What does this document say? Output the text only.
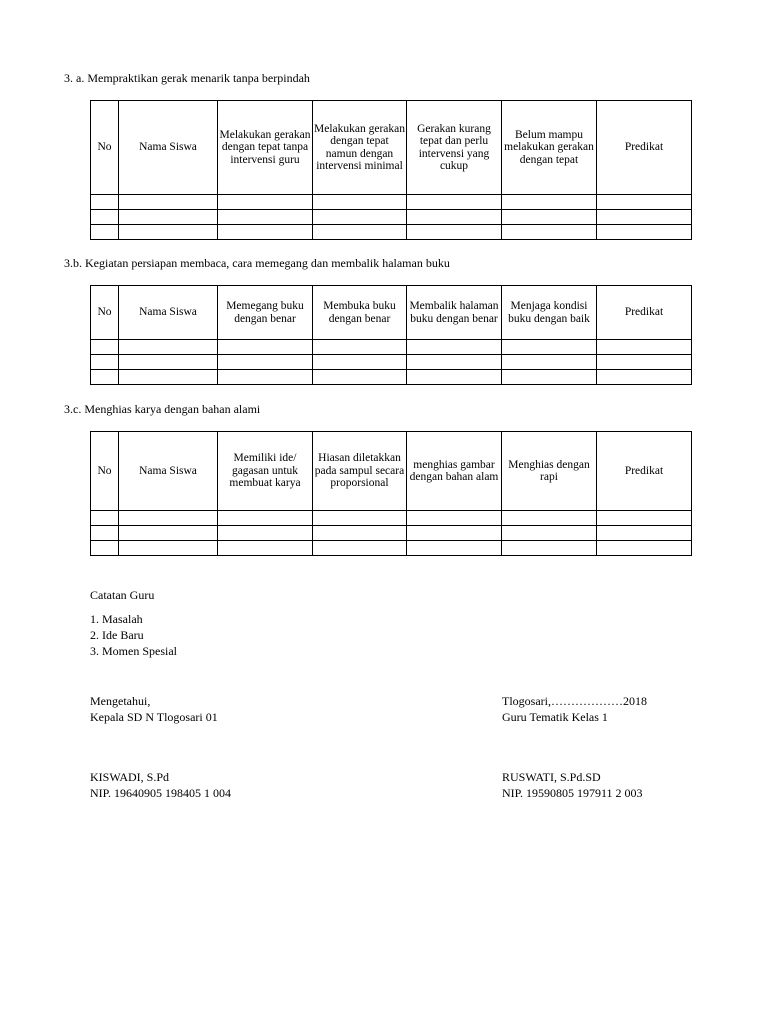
3. a. Mempraktikan gerak menarik tanpa berpindah
No	Nama Siswa	Melakukan gerakan dengan tepat tanpa intervensi guru	Melakukan gerakan dengan tepat namun dengan intervensi minimal	Gerakan kurang tepat dan perlu intervensi yang cukup	Belum mampu melakukan gerakan dengan tepat	Predikat

3.b. Kegiatan persiapan membaca, cara memegang dan membalik halaman buku
No	Nama Siswa	Memegang buku dengan benar	Membuka buku dengan benar	Membalik halaman buku dengan benar	Menjaga kondisi buku dengan baik	Predikat

3.c. Menghias karya dengan bahan alami
No	Nama Siswa	Memiliki ide/ gagasan untuk membuat karya	Hiasan diletakkan pada sampul secara proporsional	menghias gambar dengan bahan alam	Menghias dengan rapi	Predikat

Catatan Guru
1. Masalah
2. Ide Baru
3. Momen Spesial
Mengetahui,
Kepala SD N Tlogosari 01
Tlogosari,………………2018
Guru Tematik Kelas 1
KISWADI, S.Pd
NIP. 19640905 198405 1 004
RUSWATI, S.Pd.SD
NIP. 19590805 197911 2 003
